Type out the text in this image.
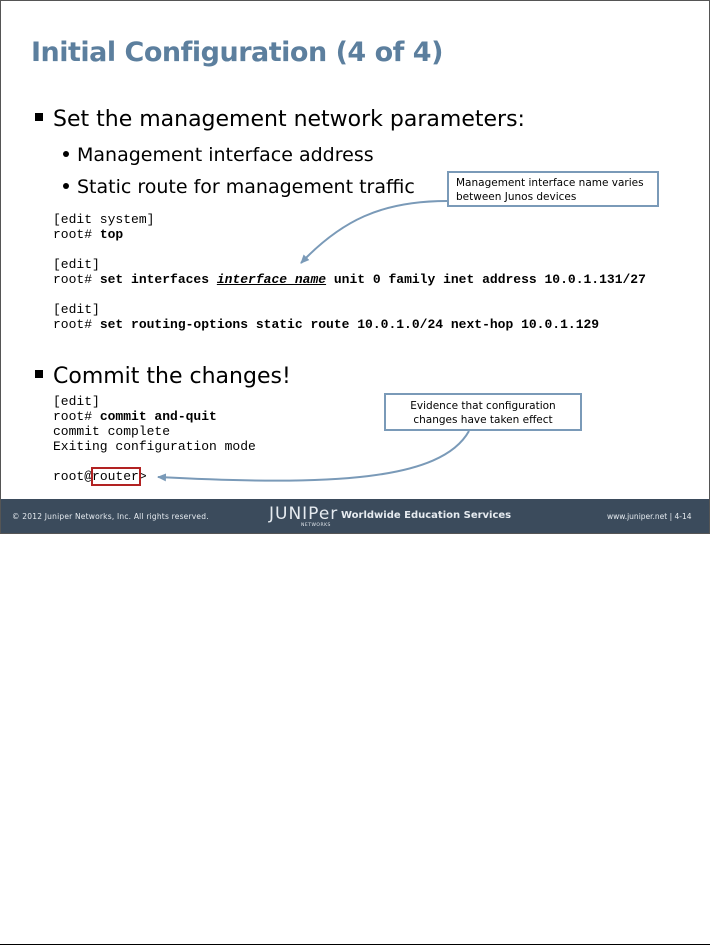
Initial Configuration (4 of 4)
Set the management network parameters:
Management interface address
Static route for management traffic
[edit system]
root# top

[edit]
root# set interfaces interface name unit 0 family inet address 10.0.1.131/27

[edit]
root# set routing-options static route 10.0.1.0/24 next-hop 10.0.1.129
Commit the changes!
[edit]
root# commit and-quit
commit complete
Exiting configuration mode

root@router>
Management interface name varies
between Junos devices
Evidence that configuration
changes have taken effect
© 2012 Juniper Networks, Inc. All rights reserved.	JUNIPer
NETWORKS
Worldwide Education Services	www.juniper.net | 4-14
